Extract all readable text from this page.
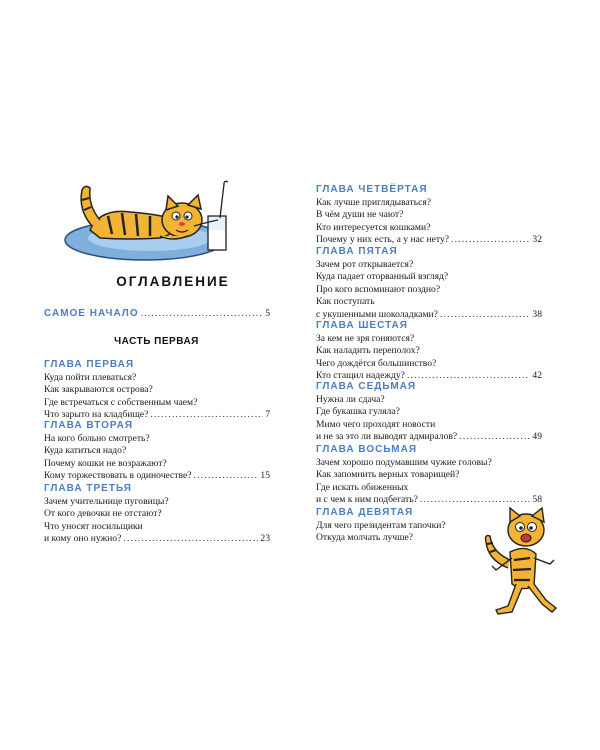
ОГЛАВЛЕНИЕ
САМОЕ НАЧАЛО .....	5
ЧАСТЬ ПЕРВАЯ
ГЛАВА ПЕРВАЯ
Куда пойти плеваться?
Как закрываются острова?
Где встречаться с собственным чаем?
Что зарыто на кладбище? .....	7
ГЛАВА ВТОРАЯ
На кого больно смотреть?
Куда катиться надо?
Почему кошки не возражают?
Кому торжествовать в одиночестве? .....	15
ГЛАВА ТРЕТЬЯ
Зачем учительнице пуговицы?
От кого девочки не отстают?
Что уносят носильщики
и кому оно нужно? .....	23
ГЛАВА ЧЕТВЁРТАЯ
Как лучше приглядываться?
В чём души не чают?
Кто интересуется кошками?
Почему у них есть, а у нас нету? .....	32
ГЛАВА ПЯТАЯ
Зачем рот открывается?
Куда падает оторванный взгляд?
Про кого вспоминают поздно?
Как поступать
с укушенными шоколадками? .....	38
ГЛАВА ШЕСТАЯ
За кем не зря гоняются?
Как наладить переполох?
Чего дождётся большинство?
Кто стащил надежду? .....	42
ГЛАВА СЕДЬМАЯ
Нужна ли сдача?
Где букашка гуляла?
Мимо чего проходят новости
и не за это ли выводят адмиралов? .....	49
ГЛАВА ВОСЬМАЯ
Зачем хорошо подумавшим чужие головы?
Как запомнить верных товарищей?
Где искать обиженных
и с чем к ним подбегать? .....	58
ГЛАВА ДЕВЯТАЯ
Для чего президентам тапочки?
Откуда молчать лучше?
